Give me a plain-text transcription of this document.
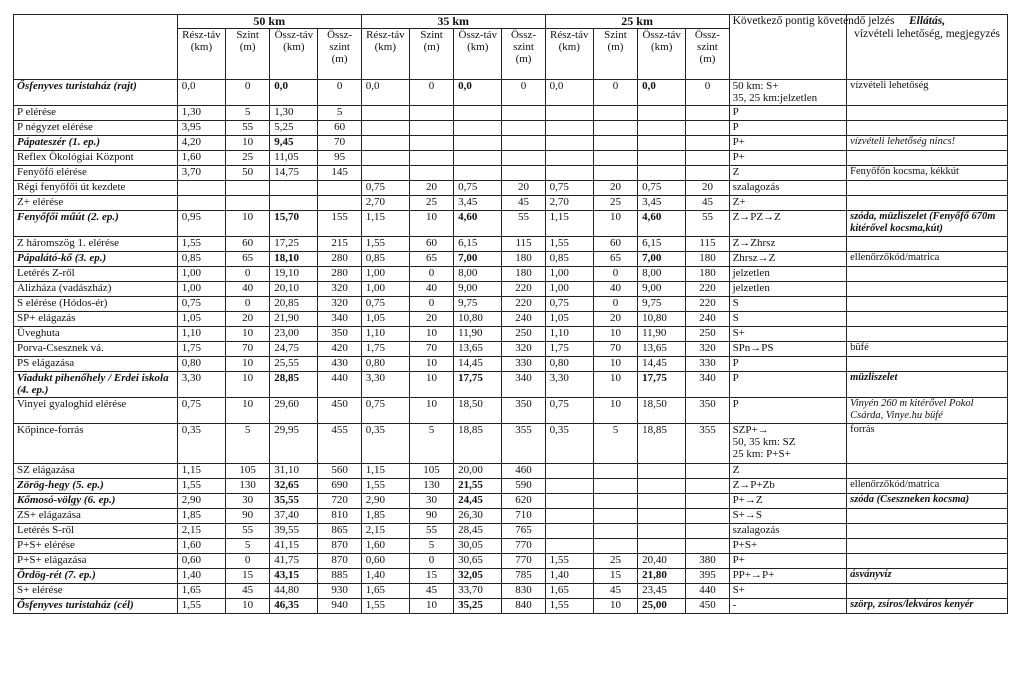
	50 km				35 km				25 km				Következő pontig követendő jelzés	Ellátás,
vízvételi lehetőség, megjegyzés
	Rész-táv (km)	Szint (m)	Össz-táv (km)	Össz-szint (m)	Rész-táv (km)	Szint (m)	Össz-táv (km)	Össz-szint (m)	Rész-táv (km)	Szint (m)	Össz-táv (km)	Össz-szint (m)		
Ősfenyves turistaház (rajt)	0,0	0	0,0	0	0,0	0	0,0	0	0,0	0	0,0	0	50 km: S+
35, 25 km:jelzetlen	vízvételi lehetőség
P elérése	1,30	5	1,30	5									P	
P négyzet elérése	3,95	55	5,25	60									P	
Pápateszér (1. ep.)	4,20	10	9,45	70									P+	vízvételi lehetőség nincs!
Reflex Ökológiai Központ	1,60	25	11,05	95									P+	
Fenyőfő elérése	3,70	50	14,75	145									Z	Fenyőfőn kocsma, kékkút
Régi fenyőfői út kezdete					0,75	20	0,75	20	0,75	20	0,75	20	szalagozás	
Z+ elérése					2,70	25	3,45	45	2,70	25	3,45	45	Z+	
Fenyőfői műút (2. ep.)	0,95	10	15,70	155	1,15	10	4,60	55	1,15	10	4,60	55	Z→PZ→Z	szóda, müzliszelet (Fenyőfő 670m kitérővel kocsma,kút)
Z háromszög 1. elérése	1,55	60	17,25	215	1,55	60	6,15	115	1,55	60	6,15	115	Z→Zhrsz	
Pápalátó-kő (3. ep.)	0,85	65	18,10	280	0,85	65	7,00	180	0,85	65	7,00	180	Zhrsz→Z	ellenőrzőkód/matrica
Letérés Z-ről	1,00	0	19,10	280	1,00	0	8,00	180	1,00	0	8,00	180	jelzetlen	
Alizháza (vadászház)	1,00	40	20,10	320	1,00	40	9,00	220	1,00	40	9,00	220	jelzetlen	
S elérése (Hódos-ér)	0,75	0	20,85	320	0,75	0	9,75	220	0,75	0	9,75	220	S	
SP+ elágazás	1,05	20	21,90	340	1,05	20	10,80	240	1,05	20	10,80	240	S	
Üveghuta	1,10	10	23,00	350	1,10	10	11,90	250	1,10	10	11,90	250	S+	
Porva-Csesznek vá.	1,75	70	24,75	420	1,75	70	13,65	320	1,75	70	13,65	320	SPn→PS	büfé
PS elágazása	0,80	10	25,55	430	0,80	10	14,45	330	0,80	10	14,45	330	P	
Viadukt pihenőhely / Erdei iskola (4. ep.)	3,30	10	28,85	440	3,30	10	17,75	340	3,30	10	17,75	340	P	müzliszelet
Vinyei gyaloghíd elérése	0,75	10	29,60	450	0,75	10	18,50	350	0,75	10	18,50	350	P	Vinyén 260 m kitérővel Pokol Csárda, Vinye.hu büfé
Kőpince-forrás	0,35	5	29,95	455	0,35	5	18,85	355	0,35	5	18,85	355	SZP+→
50, 35 km: SZ
25 km: P+S+	forrás
SZ elágazása	1,15	105	31,10	560	1,15	105	20,00	460					Z	
Zörög-hegy (5. ep.)	1,55	130	32,65	690	1,55	130	21,55	590					Z→P+Zb	ellenőrzőkód/matrica
Kőmosó-völgy (6. ep.)	2,90	30	35,55	720	2,90	30	24,45	620					P+→Z	szóda (Cseszneken kocsma)
ZS+ elágazása	1,85	90	37,40	810	1,85	90	26,30	710					S+→S	
Letérés S-ről	2,15	55	39,55	865	2,15	55	28,45	765					szalagozás	
P+S+ elérése	1,60	5	41,15	870	1,60	5	30,05	770					P+S+	
P+S+ elágazása	0,60	0	41,75	870	0,60	0	30,65	770	1,55	25	20,40	380	P+	
Ördög-rét (7. ep.)	1,40	15	43,15	885	1,40	15	32,05	785	1,40	15	21,80	395	PP+→P+	ásványvíz
S+ elérése	1,65	45	44,80	930	1,65	45	33,70	830	1,65	45	23,45	440	S+	
Ősfenyves turistaház (cél)	1,55	10	46,35	940	1,55	10	35,25	840	1,55	10	25,00	450	-	szörp, zsíros/lekváros kenyér
